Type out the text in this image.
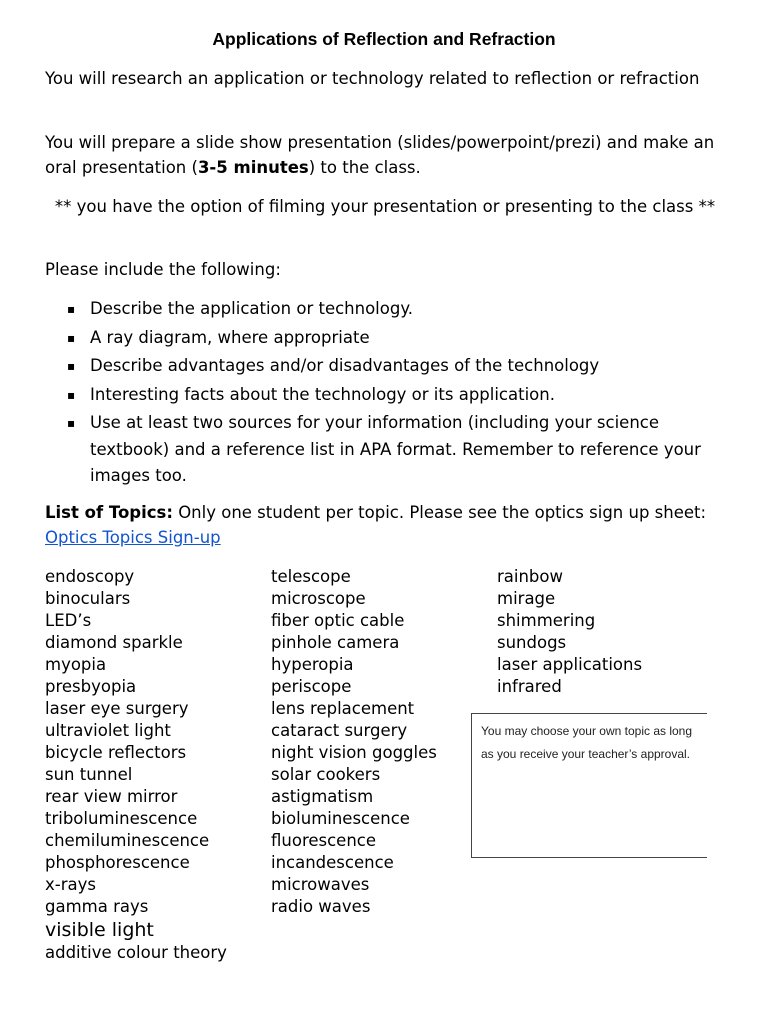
Applications of Reflection and Refraction
You will research an application or technology related to reflection or refraction
You will prepare a slide show presentation (slides/powerpoint/prezi) and make an oral presentation (3-5 minutes) to the class.
** you have the option of filming your presentation or presenting to the class **
Please include the following:
▪ Describe the application or technology.
▪ A ray diagram, where appropriate
▪ Describe advantages and/or disadvantages of the technology
▪ Interesting facts about the technology or its application.
▪ Use at least two sources for your information (including your science textbook) and a reference list in APA format. Remember to reference your images too.
List of Topics: Only one student per topic. Please see the optics sign up sheet: Optics Topics Sign-up
endoscopy
binoculars
LED’s
diamond sparkle
myopia
presbyopia
laser eye surgery
ultraviolet light
bicycle reflectors
sun tunnel
rear view mirror
triboluminescence
chemiluminescence
phosphorescence
x-rays
gamma rays
visible light
additive colour theory
telescope
microscope
fiber optic cable
pinhole camera
hyperopia
periscope
lens replacement
cataract surgery
night vision goggles
solar cookers
astigmatism
bioluminescence
fluorescence
incandescence
microwaves
radio waves
rainbow
mirage
shimmering
sundogs
laser applications
infrared
You may choose your own topic as long as you receive your teacher’s approval.
